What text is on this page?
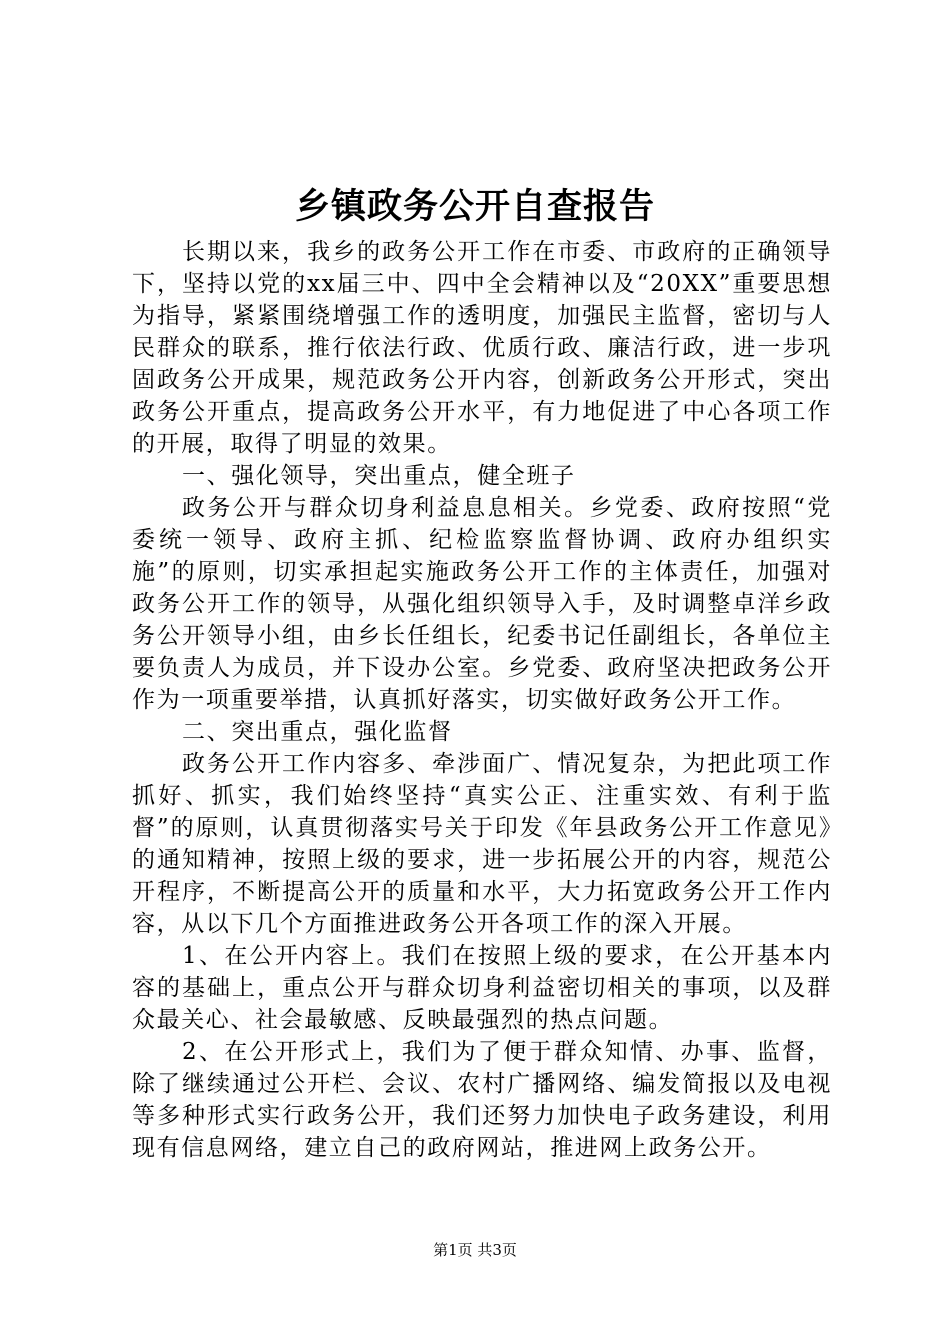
乡镇政务公开自查报告

长期以来，我乡的政务公开工作在市委、市政府的正确领导下，坚持以党的xx届三中、四中全会精神以及“20XX”重要思想为指导，紧紧围绕增强工作的透明度，加强民主监督，密切与人民群众的联系，推行依法行政、优质行政、廉洁行政，进一步巩固政务公开成果，规范政务公开内容，创新政务公开形式，突出政务公开重点，提高政务公开水平，有力地促进了中心各项工作的开展，取得了明显的效果。

一、强化领导，突出重点，健全班子

政务公开与群众切身利益息息相关。乡党委、政府按照“党委统一领导、政府主抓、纪检监察监督协调、政府办组织实施”的原则，切实承担起实施政务公开工作的主体责任，加强对政务公开工作的领导，从强化组织领导入手，及时调整卓洋乡政务公开领导小组，由乡长任组长，纪委书记任副组长，各单位主要负责人为成员，并下设办公室。乡党委、政府坚决把政务公开作为一项重要举措，认真抓好落实，切实做好政务公开工作。

二、突出重点，强化监督

政务公开工作内容多、牵涉面广、情况复杂，为把此项工作抓好、抓实，我们始终坚持“真实公正、注重实效、有利于监督”的原则，认真贯彻落实号关于印发《年县政务公开工作意见》的通知精神，按照上级的要求，进一步拓展公开的内容，规范公开程序，不断提高公开的质量和水平，大力拓宽政务公开工作内容，从以下几个方面推进政务公开各项工作的深入开展。

1、在公开内容上。我们在按照上级的要求，在公开基本内容的基础上，重点公开与群众切身利益密切相关的事项，以及群众最关心、社会最敏感、反映最强烈的热点问题。

2、在公开形式上，我们为了便于群众知情、办事、监督，除了继续通过公开栏、会议、农村广播网络、编发简报以及电视等多种形式实行政务公开，我们还努力加快电子政务建设，利用现有信息网络，建立自己的政府网站，推进网上政务公开。

第1页 共3页
